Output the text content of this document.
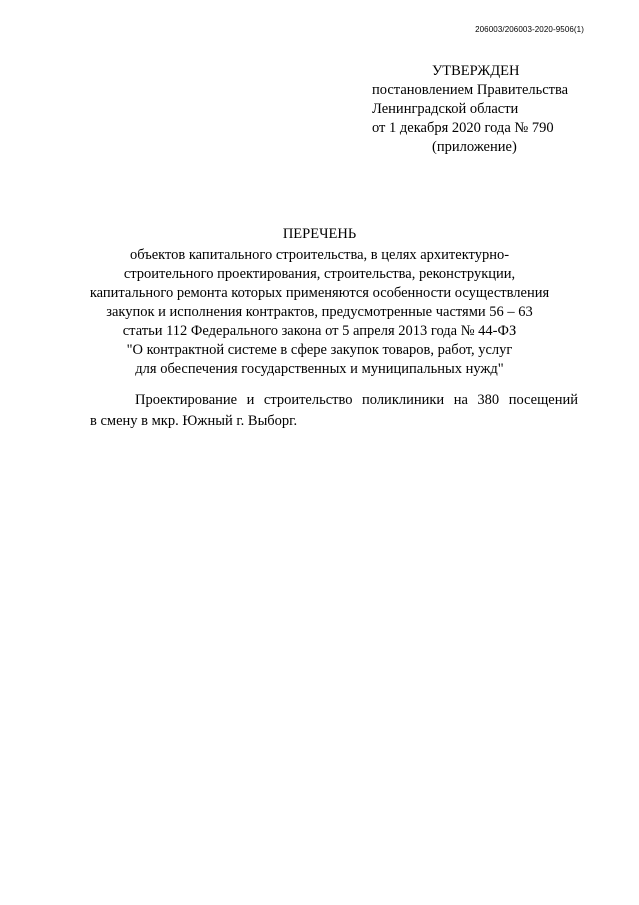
206003/206003-2020-9506(1)
УТВЕРЖДЕН
постановлением Правительства
Ленинградской области
от 1 декабря 2020 года № 790
(приложение)
ПЕРЕЧЕНЬ
объектов капитального строительства, в целях архитектурно-
строительного проектирования, строительства, реконструкции,
капитального ремонта которых применяются особенности осуществления
закупок и исполнения контрактов, предусмотренные частями 56 – 63
статьи 112 Федерального закона от 5 апреля 2013 года № 44-ФЗ
"О контрактной системе в сфере закупок товаров, работ, услуг
для обеспечения государственных и муниципальных нужд"
Проектирование и строительство поликлиники на 380 посещений
в смену в мкр. Южный г. Выборг.
